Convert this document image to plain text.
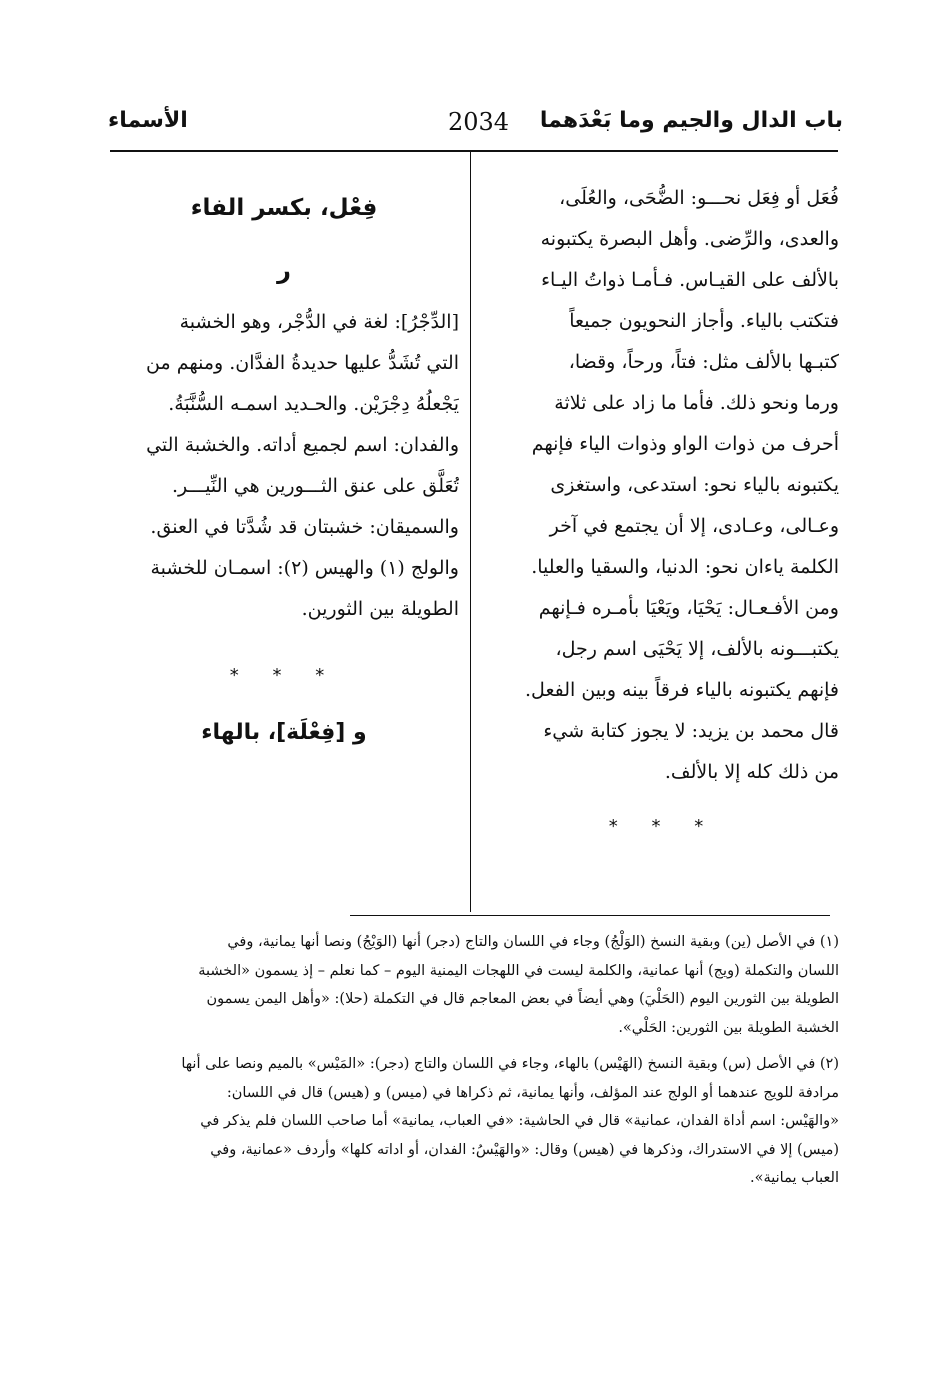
باب الدال والجيم وما بَعْدَهما
2034
الأسماء
فُعَل أو فِعَل نحـــو: الضُّحَى، والعُلَى،
والعدى، والرِّضى. وأهل البصرة يكتبونه
بالألف على القيـاس. فـأمـا ذواتُ اليـاء
فتكتب بالياء. وأجاز النحويون جميعاً
كتبـها بالألف مثل: فتاً، ورحاً، وقضا،
ورما ونحو ذلك. فأما ما زاد على ثلاثة
أحرف من ذوات الواو وذوات الياء فإنهم
يكتبونه بالياء نحو: استدعى، واستغزى
وعـالى، وعـادى، إلا أن يجتمع في آخر
الكلمة ياءان نحو: الدنيا، والسقيا والعليا.
ومن الأفـعـال: يَحْيَا، ويَعْيَا بأمـره فـإنهم
يكتبـــونه بالألف، إلا يَحْيَى اسم رجل،
فإنهم يكتبونه بالياء فرقاً بينه وبين الفعل.
قال محمد بن يزيد: لا يجوز كتابة شيء
من ذلك كله إلا بالألف.
* * *
فِعْل، بكسر الفاء
ر
[الدِّجْرُ]: لغة في الدُّجْر، وهو الخشبة
التي تُشَدُّ عليها حديدةُ الفدَّان. ومنهم من
يَجْعلُهُ دِجْرَيْن. والحـديد اسمـه السُّنَّبَةُ.
والفدان: اسم لجميع أداته. والخشبة التي
تُعَلَّق على عنق الثـــورين هي النِّيـــر.
والسميقان: خشبتان قد شُدَّتا في العنق.
والولج (١) والهيس (٢): اسمـان للخشبة
الطويلة بين الثورين.
* * *
و [فِعْلَة]، بالهاء
(١) في الأصل (ين) وبقية النسخ (الوَلْجُ) وجاء في اللسان والتاج (دجر) أنها (الوَيْجُ) ونصا أنها يمانية، وفي
اللسان والتكملة (ويج) أنها عمانية، والكلمة ليست في اللهجات اليمنية اليوم – كما نعلم – إذ يسمون «الخشبة
الطويلة بين الثورين اليوم (الحَلْيَ) وهي أيضاً في بعض المعاجم قال في التكملة (حلا): «وأهل اليمن يسمون
الخشبة الطويلة بين الثورين: الحَلْي».
(٢) في الأصل (س) وبقية النسخ (الهَيْس) بالهاء، وجاء في اللسان والتاج (دجر): «المَيْس» بالميم ونصا على أنها
مرادفة للويج عندهما أو الولج عند المؤلف، وأنها يمانية، ثم ذكراها في (ميس) و (هيس) قال في اللسان:
«والهَيْس: اسم أداة الفدان، عمانية» قال في الحاشية: «في العباب، يمانية» أما صاحب اللسان فلم يذكر في
(ميس) إلا في الاستدراك، وذكرها في (هيس) وقال: «والهَيْسُ: الفدان، أو اداته كلها» وأردف «عمانية، وفي
العباب يمانية».
